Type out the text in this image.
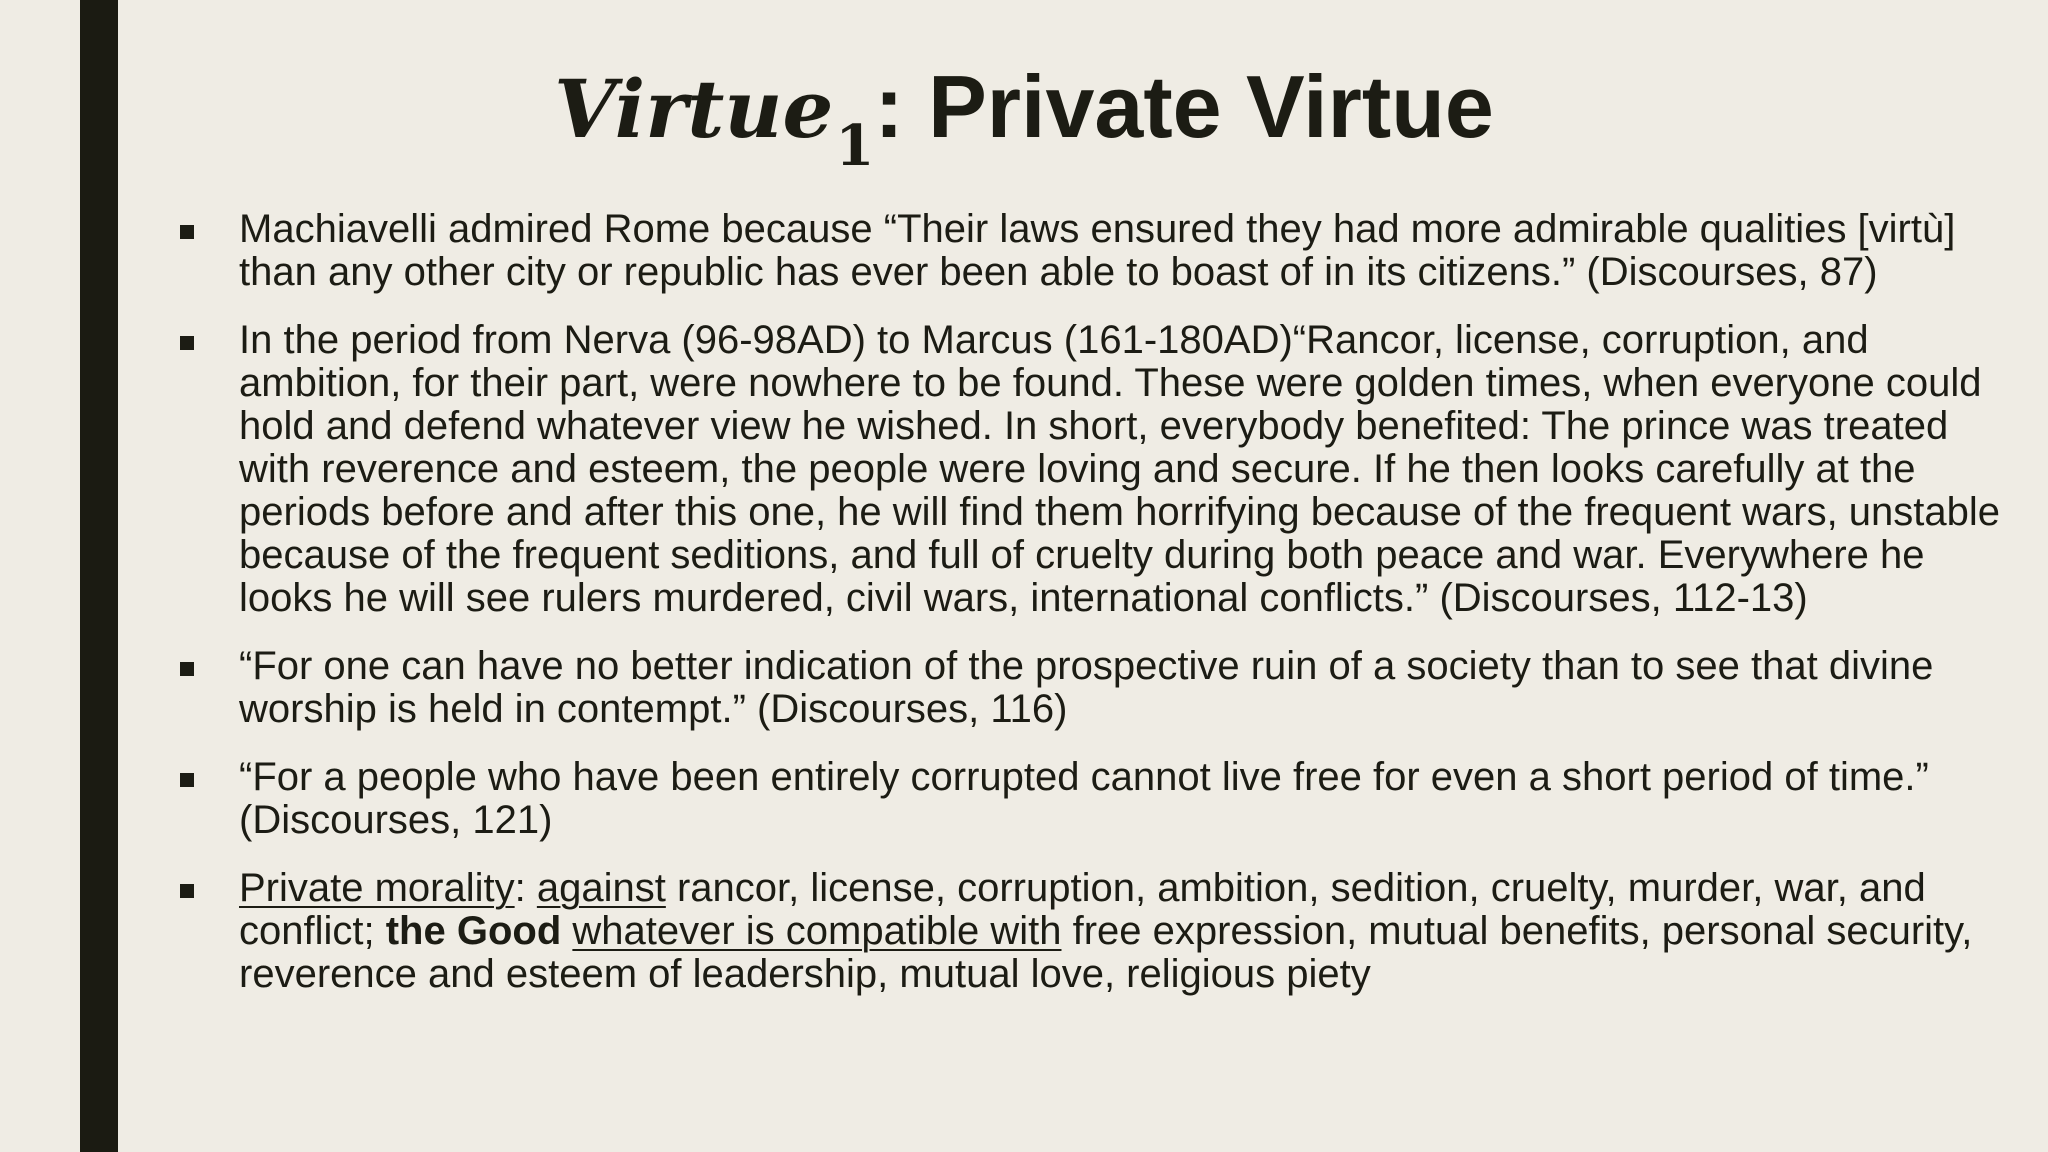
Virtue$_1$: Private Virtue
Machiavelli admired Rome because “Their laws ensured they had more admirable qualities [virtù] than any other city or republic has ever been able to boast of in its citizens.” (Discourses, 87)
In the period from Nerva (96-98AD) to Marcus (161-180AD)“Rancor, license, corruption, and ambition, for their part, were nowhere to be found. These were golden times, when everyone could hold and defend whatever view he wished. In short, everybody benefited: The prince was treated with reverence and esteem, the people were loving and secure. If he then looks carefully at the periods before and after this one, he will find them horrifying because of the frequent wars, unstable because of the frequent seditions, and full of cruelty during both peace and war. Everywhere he looks he will see rulers murdered, civil wars, international conflicts.” (Discourses, 112-13)
“For one can have no better indication of the prospective ruin of a society than to see that divine worship is held in contempt.” (Discourses, 116)
“For a people who have been entirely corrupted cannot live free for even a short period of time.” (Discourses, 121)
Private morality: against rancor, license, corruption, ambition, sedition, cruelty, murder, war, and conflict; the Good whatever is compatible with free expression, mutual benefits, personal security, reverence and esteem of leadership, mutual love, religious piety
